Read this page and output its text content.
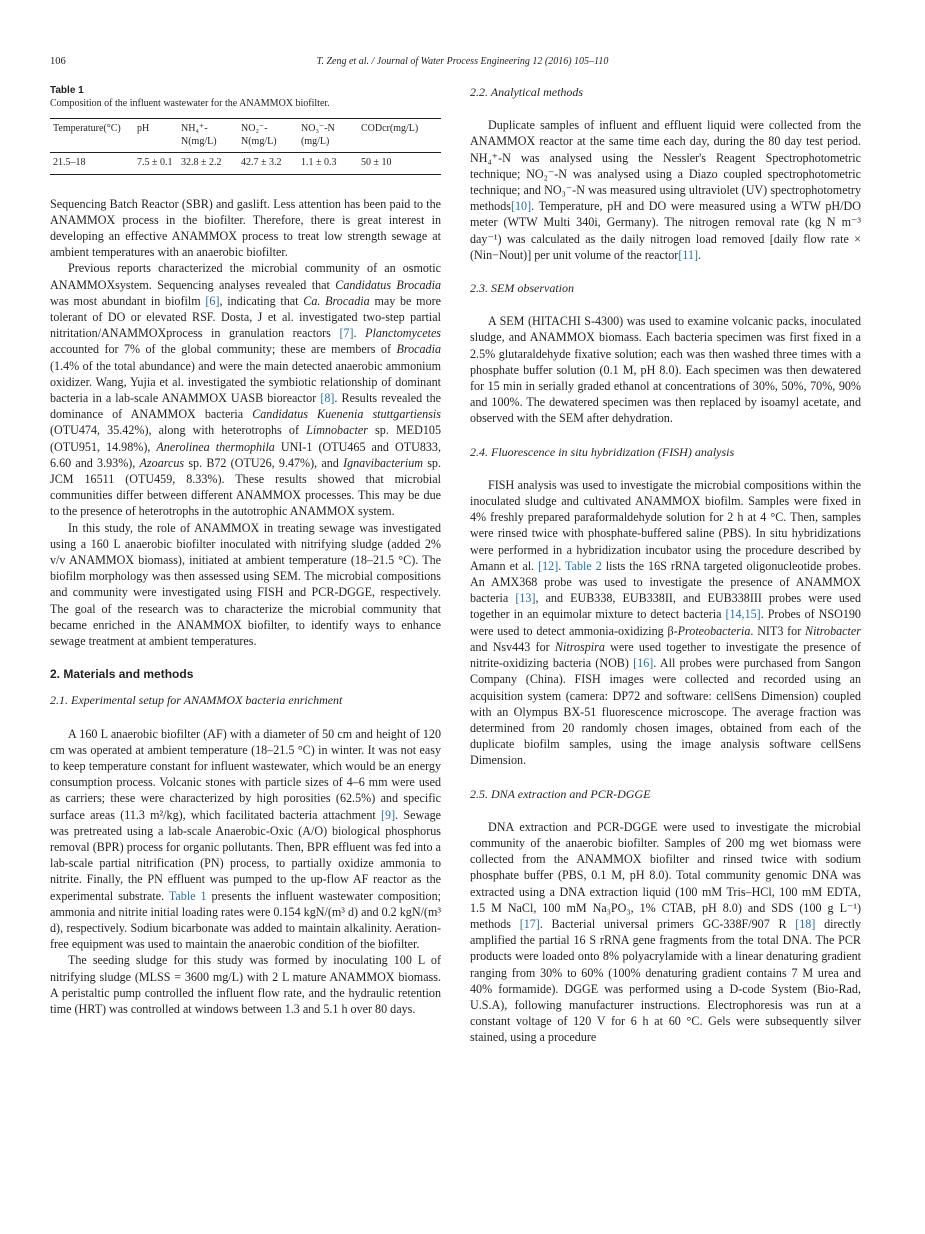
106	T. Zeng et al. / Journal of Water Process Engineering 12 (2016) 105–110
Table 1
Composition of the influent wastewater for the ANAMMOX biofilter.
Temperature(°C)	pH	NH₄⁺-N(mg/L)	NO₂⁻-N(mg/L)	NO₃⁻-N (mg/L)	CODcr(mg/L)
21.5–18	7.5 ± 0.1	32.8 ± 2.2	42.7 ± 3.2	1.1 ± 0.3	50 ± 10

Sequencing Batch Reactor (SBR) and gaslift. Less attention has been paid to the ANAMMOX process in the biofilter. Therefore, there is great interest in developing an effective ANAMMOX process to treat low strength sewage at ambient temperatures with an anaerobic biofilter.

Previous reports characterized the microbial community of an osmotic ANAMMOXsystem. Sequencing analyses revealed that Candidatus Brocadia was most abundant in biofilm [6], indicating that Ca. Brocadia may be more tolerant of DO or elevated RSF. Dosta, J et al. investigated two-step partial nitritation/ANAMMOXprocess in granulation reactors [7]. Planctomycetes accounted for 7% of the global community; these are members of Brocadia (1.4% of the total abundance) and were the main detected anaerobic ammonium oxidizer. Wang, Yujia et al. investigated the symbiotic relationship of dominant bacteria in a lab-scale ANAMMOX UASB bioreactor [8]. Results revealed the dominance of ANAMMOX bacteria Candidatus Kuenenia stuttgartiensis (OTU474, 35.42%), along with heterotrophs of Limnobacter sp. MED105 (OTU951, 14.98%), Anerolinea thermophila UNI-1 (OTU465 and OTU833, 6.60 and 3.93%), Azoarcus sp. B72 (OTU26, 9.47%), and Ignavibacterium sp. JCM 16511 (OTU459, 8.33%). These results showed that microbial communities differ between different ANAMMOX processes. This may be due to the presence of heterotrophs in the autotrophic ANAMMOX system.

In this study, the role of ANAMMOX in treating sewage was investigated using a 160 L anaerobic biofilter inoculated with nitrifying sludge (added 2% v/v ANAMMOX biomass), initiated at ambient temperature (18–21.5 °C). The biofilm morphology was then assessed using SEM. The microbial compositions and community were investigated using FISH and PCR-DGGE, respectively. The goal of the research was to characterize the microbial community that became enriched in the ANAMMOX biofilter, to identify ways to enhance sewage treatment at ambient temperatures.

2. Materials and methods
2.1. Experimental setup for ANAMMOX bacteria enrichment

A 160 L anaerobic biofilter (AF) with a diameter of 50 cm and height of 120 cm was operated at ambient temperature (18–21.5 °C) in winter. It was not easy to keep temperature constant for influent wastewater, which would be an energy consumption process. Volcanic stones with particle sizes of 4–6 mm were used as carriers; these were characterized by high porosities (62.5%) and specific surface areas (11.3 m²/kg), which facilitated bacteria attachment [9]. Sewage was pretreated using a lab-scale Anaerobic-Oxic (A/O) biological phosphorus removal (BPR) process for organic pollutants. Then, BPR effluent was fed into a lab-scale partial nitrification (PN) process, to partially oxidize ammonia to nitrite. Finally, the PN effluent was pumped to the up-flow AF reactor as the experimental substrate. Table 1 presents the influent wastewater composition; ammonia and nitrite initial loading rates were 0.154 kgN/(m³ d) and 0.2 kgN/(m³ d), respectively. Sodium bicarbonate was added to maintain alkalinity. Aeration-free equipment was used to maintain the anaerobic condition of the biofilter.

The seeding sludge for this study was formed by inoculating 100 L of nitrifying sludge (MLSS = 3600 mg/L) with 2 L mature ANAMMOX biomass. A peristaltic pump controlled the influent flow rate, and the hydraulic retention time (HRT) was controlled at windows between 1.3 and 5.1 h over 80 days.

2.2. Analytical methods

Duplicate samples of influent and effluent liquid were collected from the ANAMMOX reactor at the same time each day, during the 80 day test period. NH₄⁺-N was analysed using the Nessler's Reagent Spectrophotometric technique; NO₂⁻-N was analysed using a Diazo coupled spectrophotometric technique; and NO₃⁻-N was measured using ultraviolet (UV) spectrophotometry methods[10]. Temperature, pH and DO were measured using a WTW pH/DO meter (WTW Multi 340i, Germany). The nitrogen removal rate (kg N m⁻³ day⁻¹) was calculated as the daily nitrogen load removed [daily flow rate × (Nin−Nout)] per unit volume of the reactor[11].

2.3. SEM observation

A SEM (HITACHI S-4300) was used to examine volcanic packs, inoculated sludge, and ANAMMOX biomass. Each bacteria specimen was first fixed in a 2.5% glutaraldehyde fixative solution; each was then washed three times with a phosphate buffer solution (0.1 M, pH 8.0). Each specimen was then dewatered for 15 min in serially graded ethanol at concentrations of 30%, 50%, 70%, 90% and 100%. The dewatered specimen was then replaced by isoamyl acetate, and observed with the SEM after dehydration.

2.4. Fluorescence in situ hybridization (FISH) analysis

FISH analysis was used to investigate the microbial compositions within the inoculated sludge and cultivated ANAMMOX biofilm. Samples were fixed in 4% freshly prepared paraformaldehyde solution for 2 h at 4 °C. Then, samples were rinsed twice with phosphate-buffered saline (PBS). In situ hybridizations were performed in a hybridization incubator using the procedure described by Amann et al. [12]. Table 2 lists the 16S rRNA targeted oligonucleotide probes. An AMX368 probe was used to investigate the presence of ANAMMOX bacteria [13], and EUB338, EUB338II, and EUB338III probes were used together in an equimolar mixture to detect bacteria [14,15]. Probes of NSO190 were used to detect ammonia-oxidizing β-Proteobacteria. NIT3 for Nitrobacter and Nsv443 for Nitrospira were used together to investigate the presence of nitrite-oxidizing bacteria (NOB) [16]. All probes were purchased from Sangon Company (China). FISH images were collected and recorded using an acquisition system (camera: DP72 and software: cellSens Dimension) coupled with an Olympus BX-51 fluorescence microscope. The average fraction was determined from 20 randomly chosen images, obtained from each of the duplicate biofilm samples, using the image analysis software cellSens Dimension.

2.5. DNA extraction and PCR-DGGE

DNA extraction and PCR-DGGE were used to investigate the microbial community of the anaerobic biofilter. Samples of 200 mg wet biomass were collected from the ANAMMOX biofilter and rinsed twice with sodium phosphate buffer (PBS, 0.1 M, pH 8.0). Total community genomic DNA was extracted using a DNA extraction liquid (100 mM Tris–HCl, 100 mM EDTA, 1.5 M NaCl, 100 mM Na₃PO₃, 1% CTAB, pH 8.0) and SDS (100 g L⁻¹) methods [17]. Bacterial universal primers GC-338F/907 R [18] directly amplified the partial 16 S rRNA gene fragments from the total DNA. The PCR products were loaded onto 8% polyacrylamide with a linear denaturing gradient ranging from 30% to 60% (100% denaturing gradient contains 7 M urea and 40% formamide). DGGE was performed using a D-code System (Bio-Rad, U.S.A), following manufacturer instructions. Electrophoresis was run at a constant voltage of 120 V for 6 h at 60 °C. Gels were subsequently silver stained, using a procedure
